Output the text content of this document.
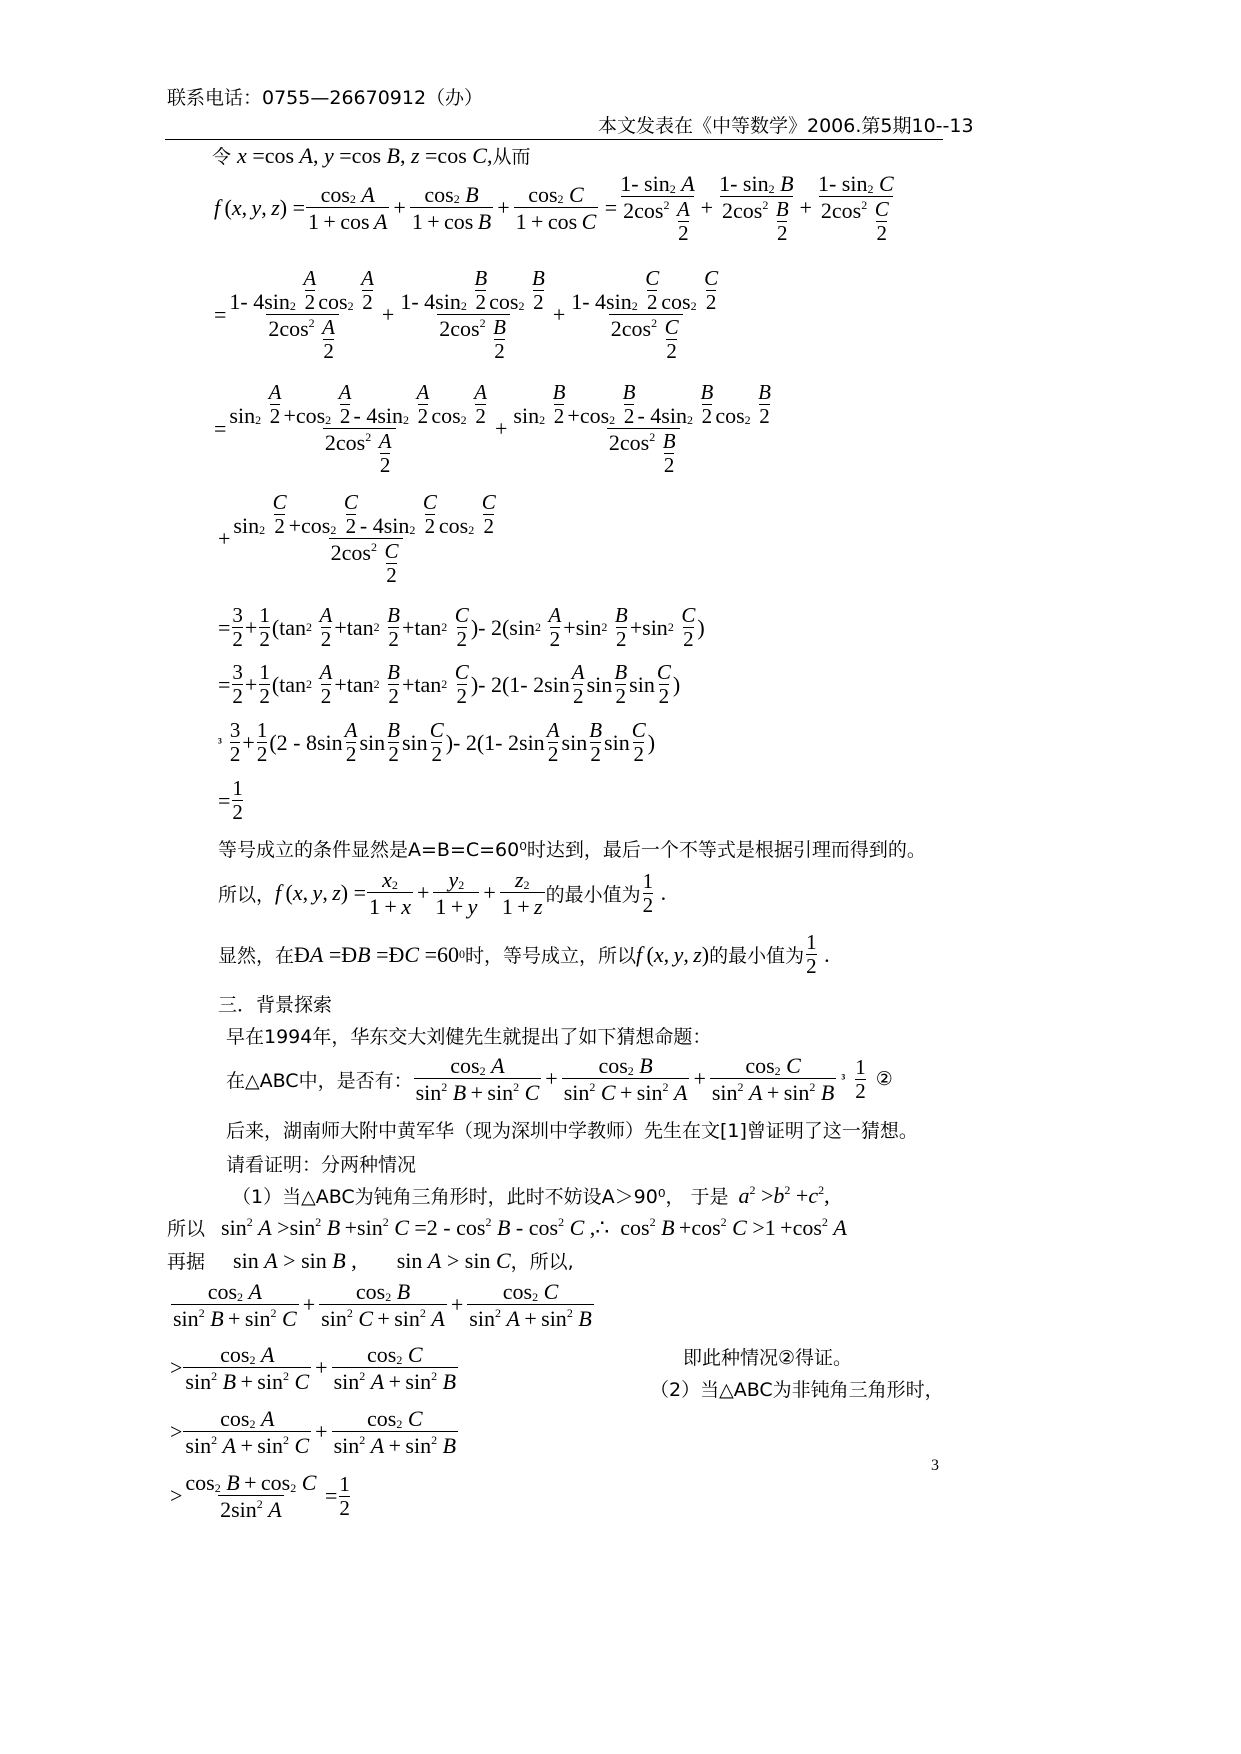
联系电话：0755—26670912（办）
本文发表在《中等数学》2006.第5期10--13
令 x =cos A , y =cos B , z =cos C , 从而
f  ( x ,  y ,  z ) = cos 2
A
1 + cos  A + cos 2
B
1 + cos  B + cos 2
C
1 + cos  C = 1- sin 2
A
2cos 2
A
2 + 1- sin 2
B
2cos 2
B
2 + 1- sin 2
C
2cos 2
C
2
= 1- 4sin 2

A
2 $\cos_2$

A
2
2cos 2
A
2 + 1- 4sin 2

B
2 $\cos_2$

B
2
2cos 2
B
2 + 1- 4sin 2

C
2 $\cos_2$

C
2
2cos 2
C
2
= sin 2

A
$2 +\cos_2$

A
$2 - 4\sin_2$

A
2 $\cos_2$

A
2
2cos 2
A
2 + sin 2

B
$2 +\cos_2$

B
$2 - 4\sin_2$

B
2 $\cos_2$

B
2
2cos 2
B
2
+ sin 2

C
$2 +\cos_2$

C
$2 - 4\sin_2$

C
2 $\cos_2$

C
2
2cos 2
C
2
= 3
2 + 1
2 (tan 2
A
2 +tan 2
B
2 +tan 2
C
2 )- 2(sin 2
A
2 +sin 2
B
2 +sin 2
C
2 )
= 3
2 + 1
2 (tan 2
A
2 +tan 2
B
2 +tan 2
C
2 )- 2(1- 2sin A
2 sin B
2 sin C
2 )
³ 3
2 + 1
2 (2 - 8sin A
2 sin B
2 sin C
2 )- 2(1- 2sin A
2 sin B
2 sin C
2 )
= 1
2
等号成立的条件显然是A=B=C=60⁰时达到，最后一个不等式是根据引理而得到的。
所以， f  ( x ,  y ,  z ) = $\frac{x_2}{1 + x} + \frac{y_2}{1 + y} + \frac{z_2}{1 + z}$ 的最小值为
1
2 .
显然，在 Ð A =Ð B =Ð C =60 0 时，等号成立，所以 f  ( x ,  y ,  z ) 的最小值为
1
2 .
三．背景探索
早在1994年，华东交大刘健先生就提出了如下猜想命题：
在△ABC中，是否有： cos 2
A
sin 2
$B + \sin^2$
C + cos 2
B
sin 2
$C + \sin^2$
A + cos 2
C
sin 2
$A + \sin^2$
B ³ 1
2 ②
后来，湖南师大附中黄军华（现为深圳中学教师）先生在文[1]曾证明了这一猜想。
请看证明：分两种情况
（1）当△ABC为钝角三角形时，此时不妨设A＞90⁰， 于是 $a^2 >b^2 +c^2$,
所以 $\sin^2 A >\sin^2$ $B +\sin^2$ $C =2 - \cos^2 B - \cos^2 C$ ,∴  $\cos^2 B +\cos^2$ $C >1 +\cos^2$ A
再据 sin A > sin B , sin A > sin C ，所以,
cos 2
A
sin 2
$B + \sin^2$
C + cos 2
B
sin 2
$C + \sin^2$
A + cos 2
C
sin 2
$A + \sin^2$
B
> cos 2
A
sin 2
$B + \sin^2$
C + cos 2
C
sin 2
$A + \sin^2$
B
> cos 2
A
sin 2
$A + \sin^2$
C + cos 2
C
sin 2
$A + \sin^2$
B
> cos 2
$B + \cos_2$
C
2sin 2
A = 1
2
即此种情况②得证。
（2）当△ABC为非钝角三角形时，
3
